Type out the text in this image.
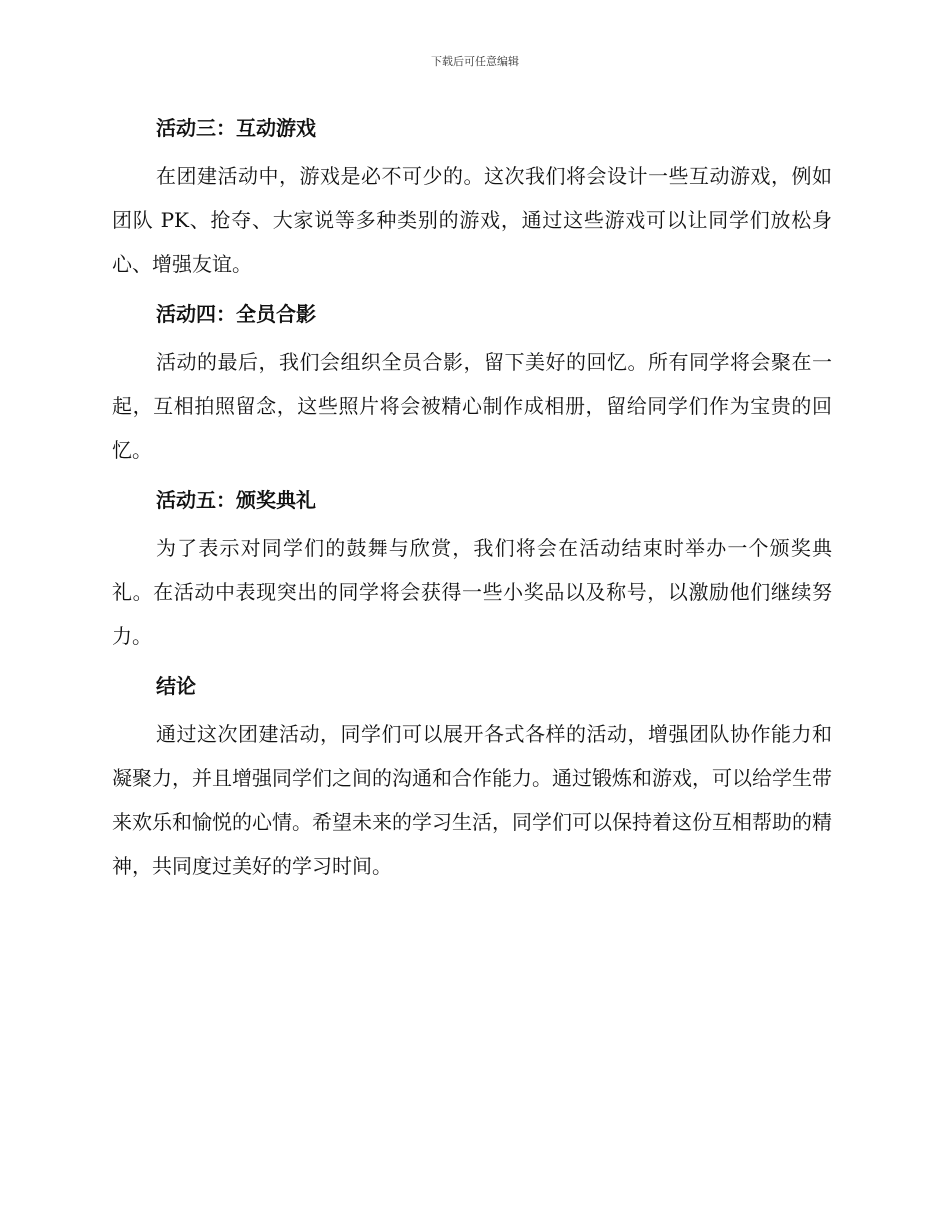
下载后可任意编辑
活动三：互动游戏

在团建活动中，游戏是必不可少的。这次我们将会设计一些互动游戏，例如团队 PK、抢夺、大家说等多种类别的游戏，通过这些游戏可以让同学们放松身心、增强友谊。

活动四：全员合影

活动的最后，我们会组织全员合影，留下美好的回忆。所有同学将会聚在一起，互相拍照留念，这些照片将会被精心制作成相册，留给同学们作为宝贵的回忆。

活动五：颁奖典礼

为了表示对同学们的鼓舞与欣赏，我们将会在活动结束时举办一个颁奖典礼。在活动中表现突出的同学将会获得一些小奖品以及称号，以激励他们继续努力。

结论

通过这次团建活动，同学们可以展开各式各样的活动，增强团队协作能力和凝聚力，并且增强同学们之间的沟通和合作能力。通过锻炼和游戏，可以给学生带来欢乐和愉悦的心情。希望未来的学习生活，同学们可以保持着这份互相帮助的精神，共同度过美好的学习时间。
